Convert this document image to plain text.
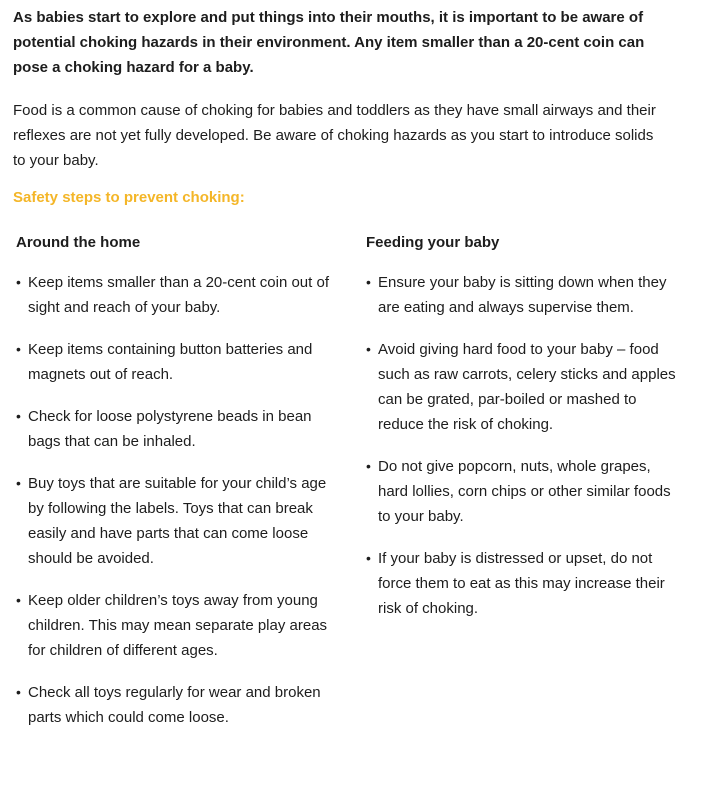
As babies start to explore and put things into their mouths, it is important to be aware of potential choking hazards in their environment. Any item smaller than a 20-cent coin can pose a choking hazard for a baby.

Food is a common cause of choking for babies and toddlers as they have small airways and their reflexes are not yet fully developed. Be aware of choking hazards as you start to introduce solids to your baby.

Safety steps to prevent choking:
Around the home
• Keep items smaller than a 20-cent coin out of sight and reach of your baby.
• Keep items containing button batteries and magnets out of reach.
• Check for loose polystyrene beads in bean bags that can be inhaled.
• Buy toys that are suitable for your child’s age by following the labels. Toys that can break easily and have parts that can come loose should be avoided.
• Keep older children’s toys away from young children. This may mean separate play areas for children of different ages.
• Check all toys regularly for wear and broken parts which could come loose.
Feeding your baby
• Ensure your baby is sitting down when they are eating and always supervise them.
• Avoid giving hard food to your baby – food such as raw carrots, celery sticks and apples can be grated, par-boiled or mashed to reduce the risk of choking.
• Do not give popcorn, nuts, whole grapes, hard lollies, corn chips or other similar foods to your baby.
• If your baby is distressed or upset, do not force them to eat as this may increase their risk of choking.
